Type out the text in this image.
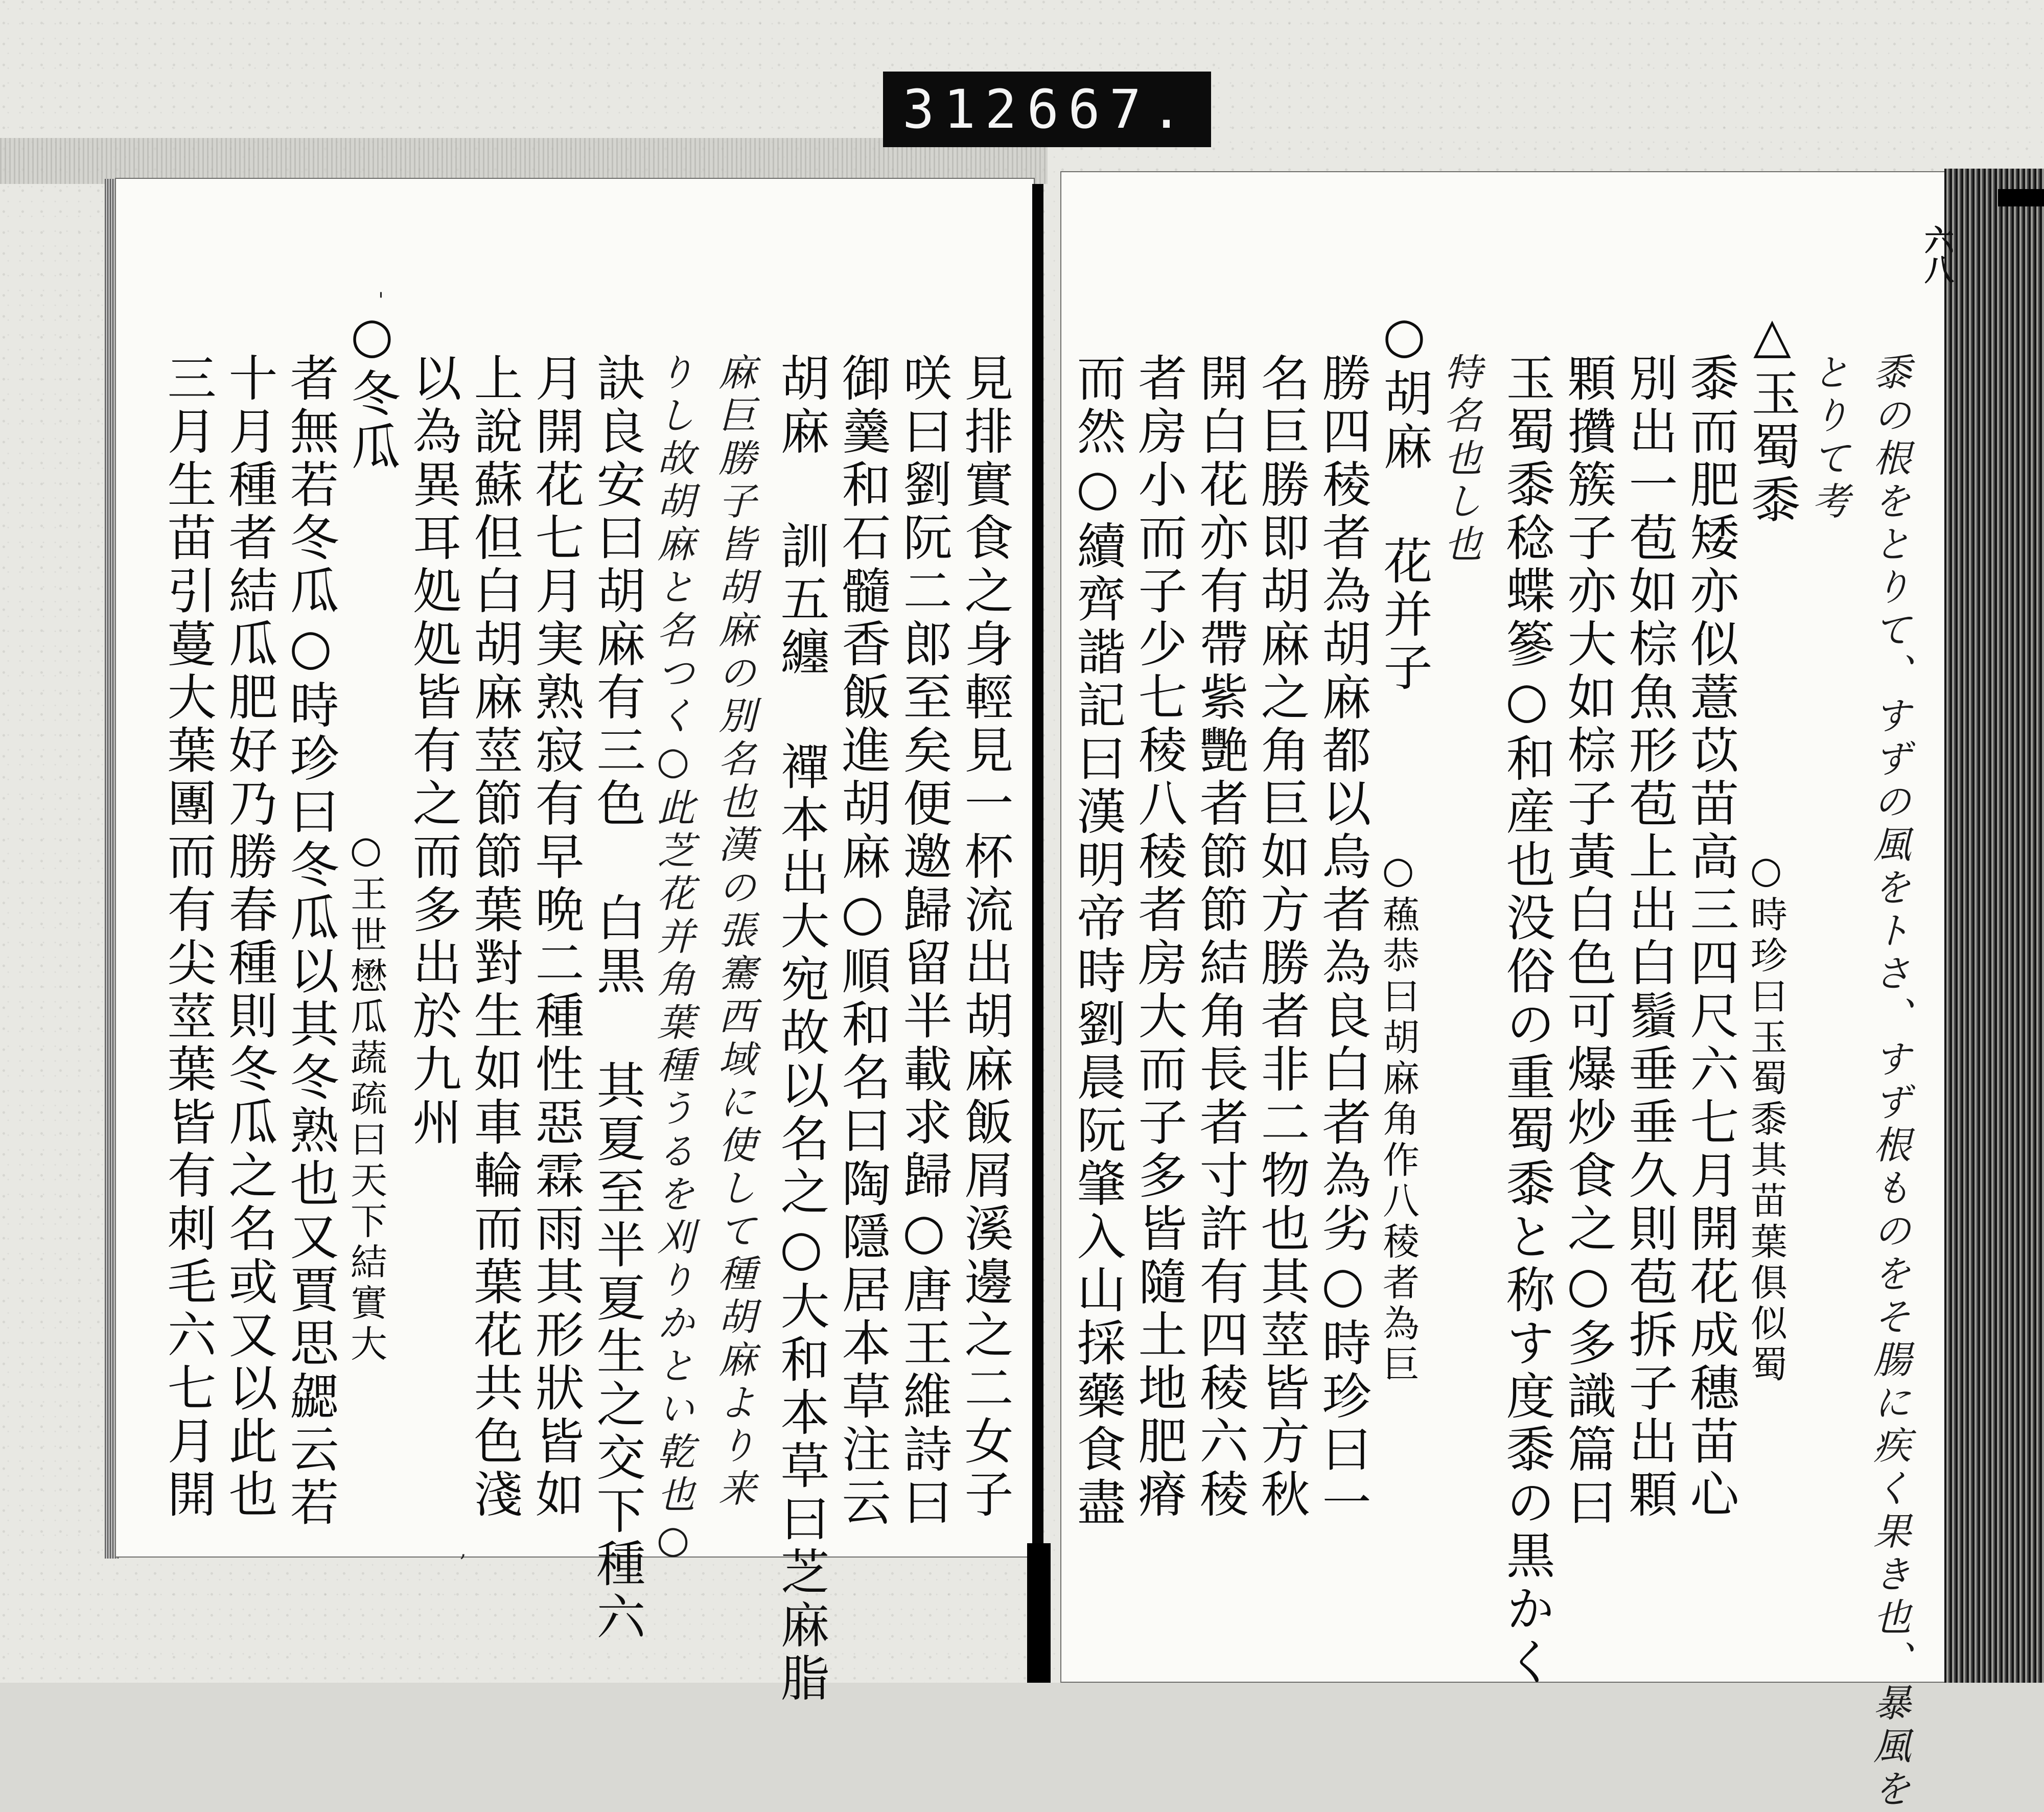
312 667.
六八
黍の根をとりて、すずの風をトさ、すず根ものをそ腸に疾く果き也、暴風を
とりて考
△玉蜀黍
黍而肥矮亦似薏苡苗高三四尺六七月開花成穗苗心
別出一苞如棕魚形苞上出白鬚垂垂久則苞拆子出顆
顆攢簇子亦大如棕子黃白色可爆炒食之○多識篇曰
玉蜀黍稔蝶篸○和産也没俗の重蜀黍と称す度黍の黒かく
特名也し也
○胡麻 花并子
勝四稜者為胡麻都以烏者為良白者為劣○時珍曰一
名巨勝即胡麻之角巨如方勝者非二物也其莖皆方秋
開白花亦有帶紫艷者節節結角長者寸許有四稜六稜
者房小而子少七稜八稜者房大而子多皆隨土地肥瘠
而然○續齊諧記曰漢明帝時劉晨阮肇入山採藥食盡	○時珍曰玉蜀黍其苗葉俱似蜀
○蘓恭曰胡麻角作八稜者為巨
見排實食之身輕見一杯流出胡麻飯屑溪邊之二女子
咲曰劉阮二郎至矣便邀歸留半載求歸○唐王維詩曰
御羹和石髓香飯進胡麻○順和名曰陶隱居本草注云
胡麻 訓五纏 襌本出大宛故以名之○大和本草曰芝麻脂
麻巨勝子皆胡麻の別名也漢の張騫西域に使して種胡麻より来
りし故胡麻と名つく○此芝花并角葉種うるを刈りかとい乾也○
訣良安曰胡麻有三色 白黒 其夏至半夏生之交下種六
月開花七月実熟寂有早晩二種性惡霖雨其形狀皆如
上說蘇但白胡麻莖節節葉對生如車輪而葉花共色淺
以為異耳処処皆有之而多出於九州
○冬瓜
者無若冬瓜○時珍曰冬瓜以其冬熟也又賈思勰云若
十月種者結瓜肥好乃勝春種則冬瓜之名或又以此也
三月生苗引蔓大葉團而有尖莖葉皆有刺毛六七月開	○王世懋瓜蔬疏曰天下結實大
'
,
